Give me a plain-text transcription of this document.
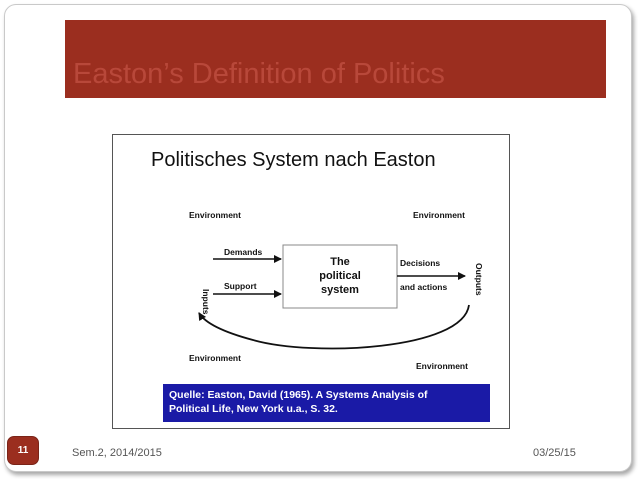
Easton’s Definition of Politics
Politisches System nach Easton
Environment	Environment
Environment
Environment
The
political
system
Demands
Support
Inputs
Outputs
Decisions
and actions
Quelle: Easton, David (1965). A Systems Analysis of
Political Life, New York u.a., S. 32.
11	Sem.2, 2014/2015	03/25/15
